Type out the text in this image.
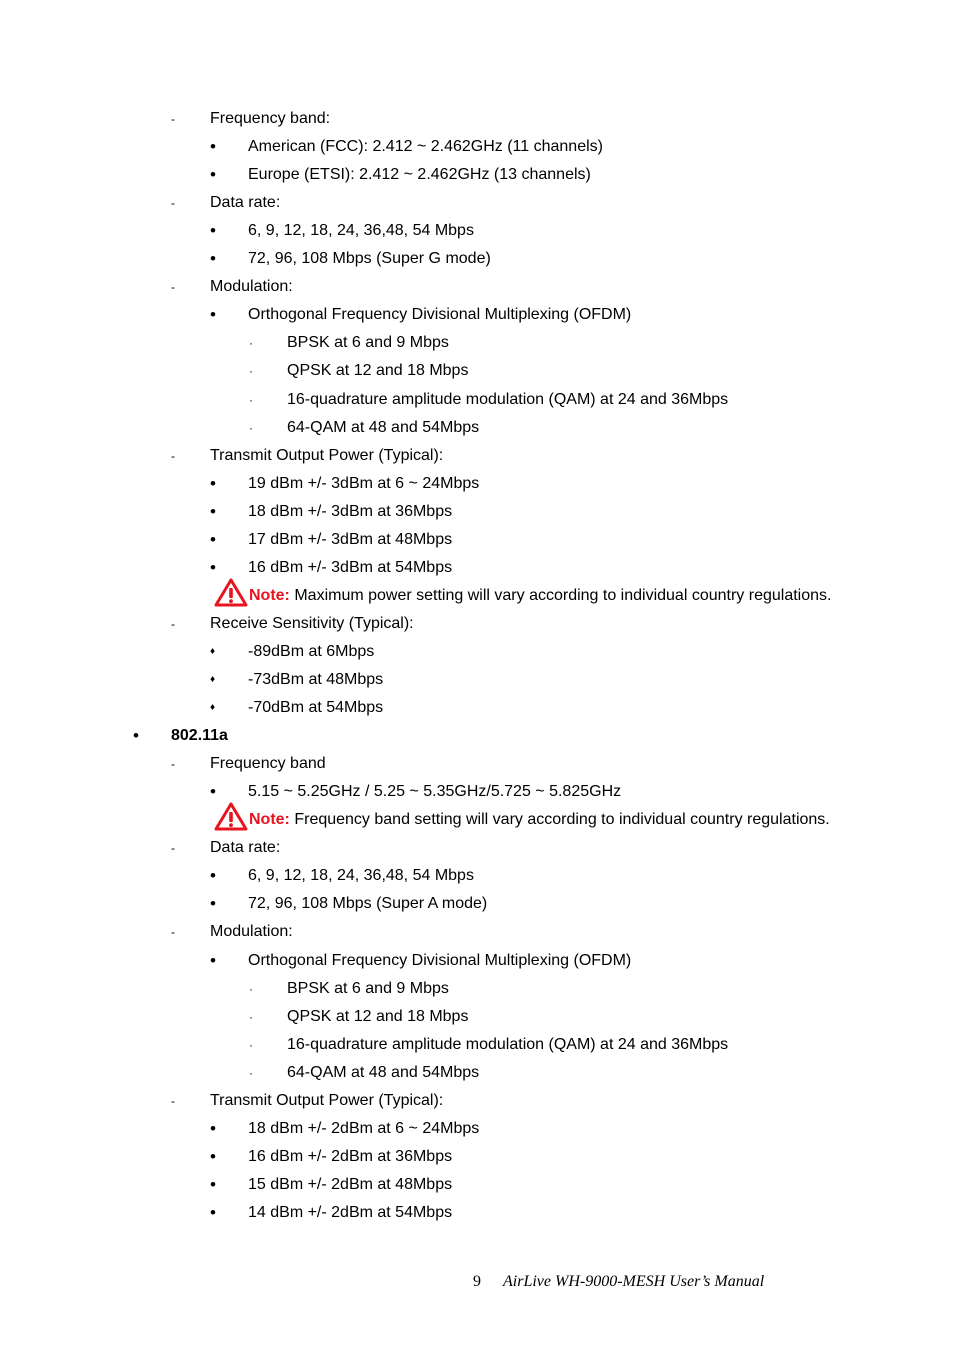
- Frequency band:
• American (FCC): 2.412 ~ 2.462GHz (11 channels)
• Europe (ETSI): 2.412 ~ 2.462GHz (13 channels)
- Data rate:
• 6, 9, 12, 18, 24, 36,48, 54 Mbps
• 72, 96, 108 Mbps (Super G mode)
- Modulation:
• Orthogonal Frequency Divisional Multiplexing (OFDM)
· BPSK at 6 and 9 Mbps
· QPSK at 12 and 18 Mbps
· 16-quadrature amplitude modulation (QAM) at 24 and 36Mbps
· 64-QAM at 48 and 54Mbps
- Transmit Output Power (Typical):
• 19 dBm +/- 3dBm at 6 ~ 24Mbps
• 18 dBm +/- 3dBm at 36Mbps
• 17 dBm +/- 3dBm at 48Mbps
• 16 dBm +/- 3dBm at 54Mbps
Note: Maximum power setting will vary according to individual country regulations.
- Receive Sensitivity (Typical):
♦ -89dBm at 6Mbps
♦ -73dBm at 48Mbps
♦ -70dBm at 54Mbps
• 802.11a
- Frequency band
• 5.15 ~ 5.25GHz / 5.25 ~ 5.35GHz/5.725 ~ 5.825GHz
Note: Frequency band setting will vary according to individual country regulations.
- Data rate:
• 6, 9, 12, 18, 24, 36,48, 54 Mbps
• 72, 96, 108 Mbps (Super A mode)
- Modulation:
• Orthogonal Frequency Divisional Multiplexing (OFDM)
· BPSK at 6 and 9 Mbps
· QPSK at 12 and 18 Mbps
· 16-quadrature amplitude modulation (QAM) at 24 and 36Mbps
· 64-QAM at 48 and 54Mbps
- Transmit Output Power (Typical):
• 18 dBm +/- 2dBm at 6 ~ 24Mbps
• 16 dBm +/- 2dBm at 36Mbps
• 15 dBm +/- 2dBm at 48Mbps
• 14 dBm +/- 2dBm at 54Mbps
9 AirLive WH-9000-MESH User’s Manual
